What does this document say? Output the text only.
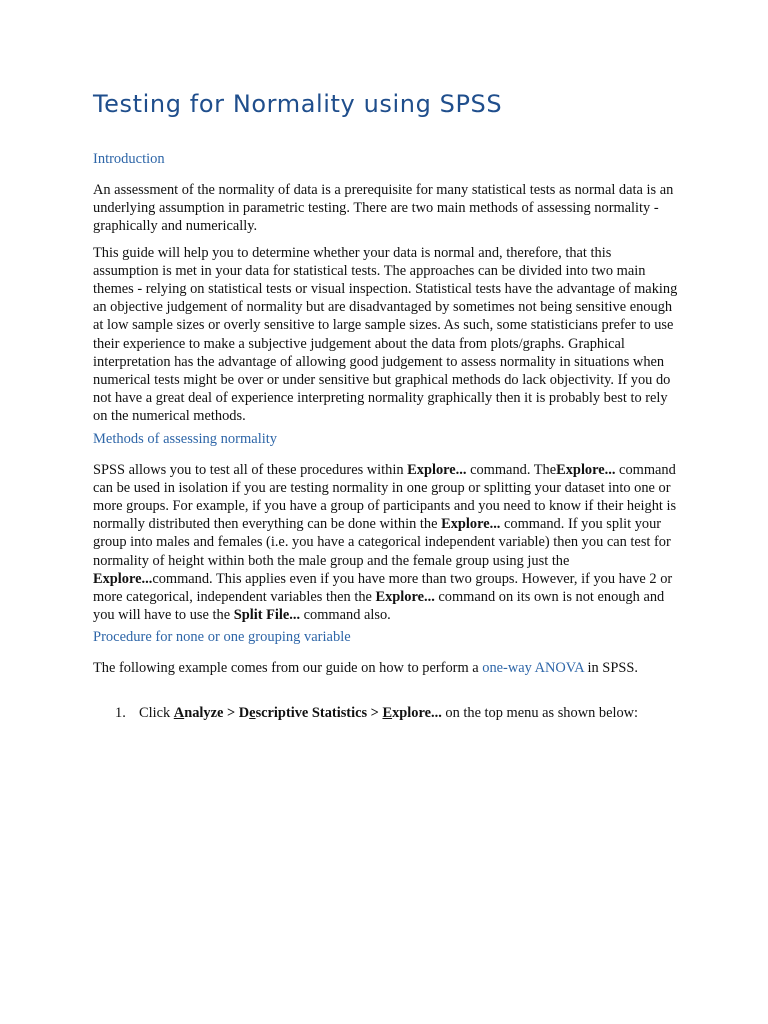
Testing for Normality using SPSS
Introduction

An assessment of the normality of data is a prerequisite for many statistical tests as normal data is an underlying assumption in parametric testing. There are two main methods of assessing normality - graphically and numerically.

This guide will help you to determine whether your data is normal and, therefore, that this assumption is met in your data for statistical tests. The approaches can be divided into two main themes - relying on statistical tests or visual inspection. Statistical tests have the advantage of making an objective judgement of normality but are disadvantaged by sometimes not being sensitive enough at low sample sizes or overly sensitive to large sample sizes. As such, some statisticians prefer to use their experience to make a subjective judgement about the data from plots/graphs. Graphical interpretation has the advantage of allowing good judgement to assess normality in situations when numerical tests might be over or under sensitive but graphical methods do lack objectivity. If you do not have a great deal of experience interpreting normality graphically then it is probably best to rely on the numerical methods.

Methods of assessing normality

SPSS allows you to test all of these procedures within Explore... command. TheExplore... command can be used in isolation if you are testing normality in one group or splitting your dataset into one or more groups. For example, if you have a group of participants and you need to know if their height is normally distributed then everything can be done within the Explore... command. If you split your group into males and females (i.e. you have a categorical independent variable) then you can test for normality of height within both the male group and the female group using just the Explore...command. This applies even if you have more than two groups. However, if you have 2 or more categorical, independent variables then the Explore... command on its own is not enough and you will have to use the Split File... command also.

Procedure for none or one grouping variable

The following example comes from our guide on how to perform a one-way ANOVA in SPSS.

1. Click Analyze > Descriptive Statistics > Explore... on the top menu as shown below:
